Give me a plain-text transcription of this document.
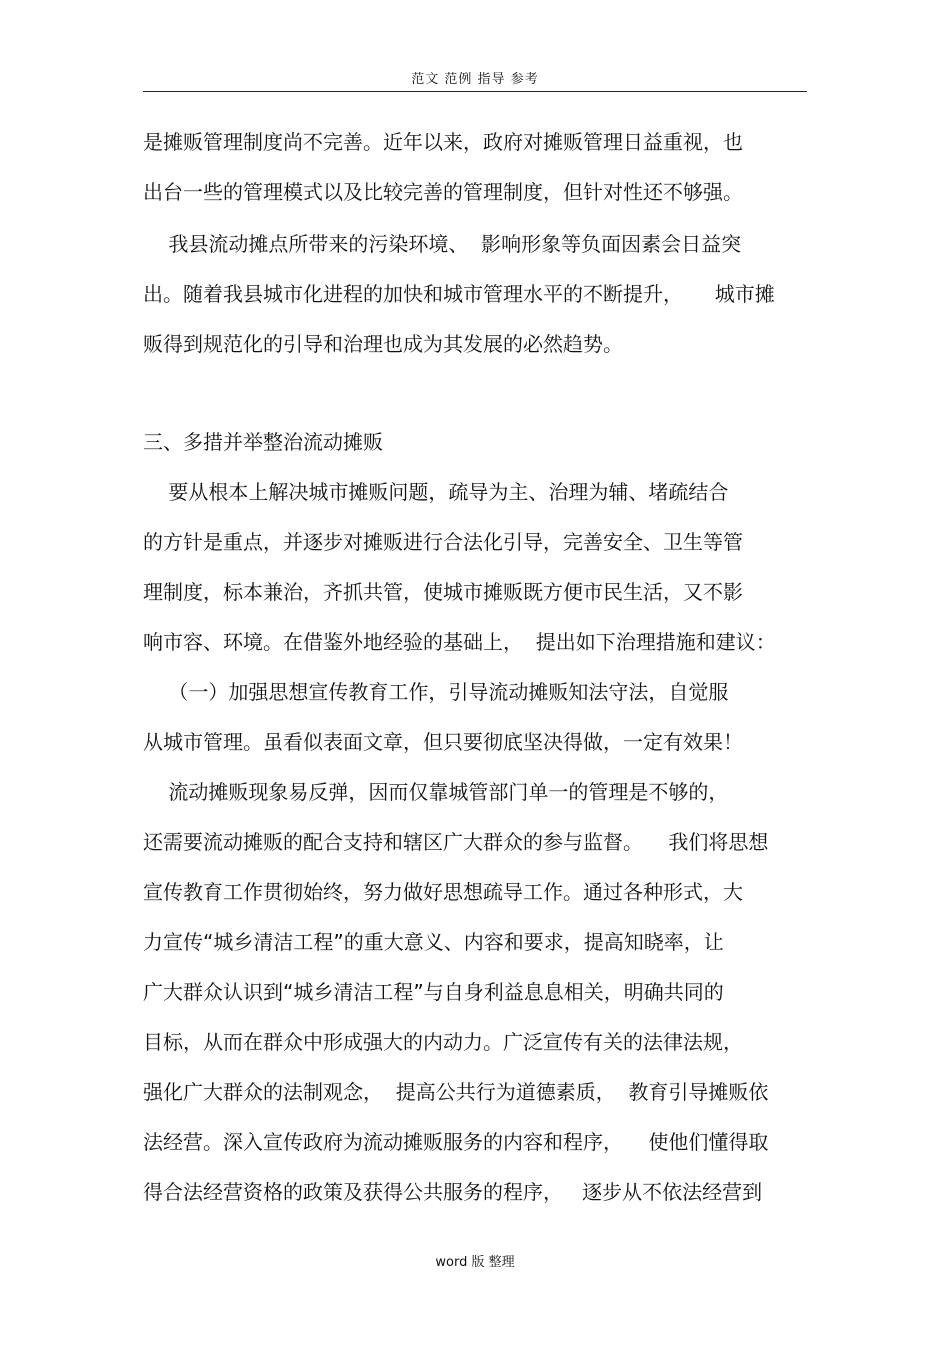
范文 范例 指导 参考
是摊贩管理制度尚不完善。近年以来，政府对摊贩管理日益重视，也
出台一些的管理模式以及比较完善的管理制度，但针对性还不够强。
我县流动摊点所带来的污染环境、  影响形象等负面因素会日益突
出。随着我县城市化进程的加快和城市管理水平的不断提升，     城市摊
贩得到规范化的引导和治理也成为其发展的必然趋势。
三、多措并举整治流动摊贩
要从根本上解决城市摊贩问题，疏导为主、治理为辅、堵疏结合
的方针是重点，并逐步对摊贩进行合法化引导，完善安全、卫生等管
理制度，标本兼治，齐抓共管，使城市摊贩既方便市民生活，又不影
响市容、环境。在借鉴外地经验的基础上，  提出如下治理措施和建议：
（一）加强思想宣传教育工作，引导流动摊贩知法守法，自觉服
从城市管理。虽看似表面文章，但只要彻底坚决得做，一定有效果！
流动摊贩现象易反弹，因而仅靠城管部门单一的管理是不够的，
还需要流动摊贩的配合支持和辖区广大群众的参与监督。    我们将思想
宣传教育工作贯彻始终，努力做好思想疏导工作。通过各种形式，大
力宣传“城乡清洁工程”的重大意义、内容和要求，提高知晓率，让
广大群众认识到“城乡清洁工程”与自身利益息息相关，明确共同的
目标，从而在群众中形成强大的内动力。广泛宣传有关的法律法规，
强化广大群众的法制观念，  提高公共行为道德素质，  教育引导摊贩依
法经营。深入宣传政府为流动摊贩服务的内容和程序，    使他们懂得取
得合法经营资格的政策及获得公共服务的程序，   逐步从不依法经营到
word 版 整理
